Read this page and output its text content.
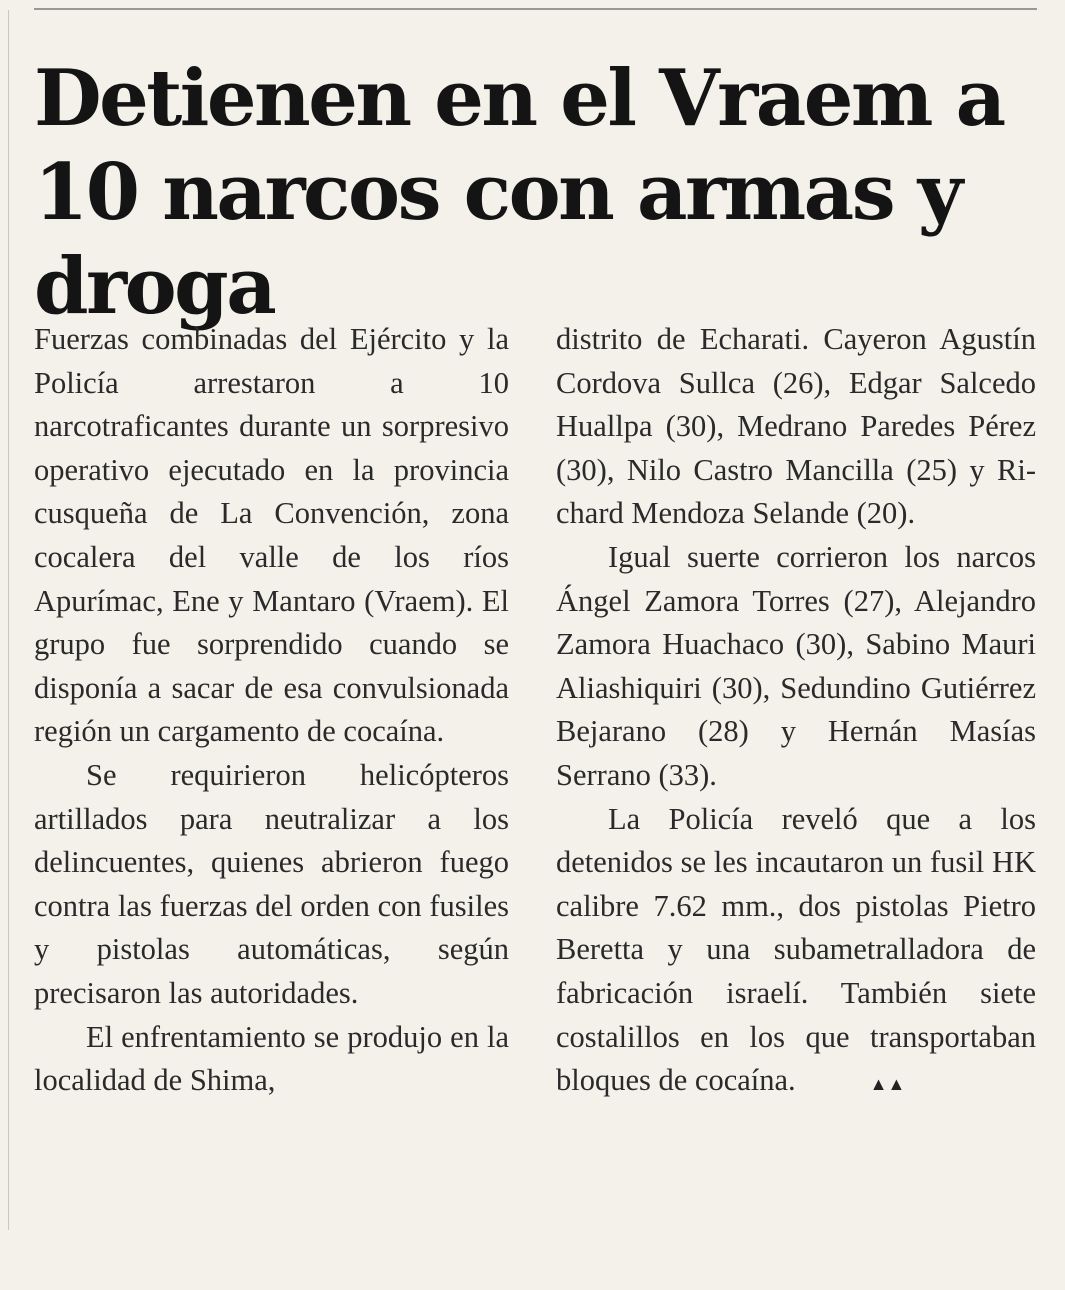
Detienen en el Vraem a 10 narcos con armas y droga

Fuerzas combinadas del Ejército y la Policía arrestaron a 10 narcotraficantes durante un sorpresivo operativo ejecutado en la provincia cusqueña de La Convención, zona cocalera del valle de los ríos Apurímac, Ene y Mantaro (Vraem). El grupo fue sorprendido cuando se disponía a sacar de esa convulsionada región un cargamento de cocaína.

Se requirieron helicópteros artillados para neutralizar a los delincuentes, quienes abrieron fuego contra las fuerzas del orden con fusiles y pistolas automáticas, según precisaron las autoridades.

El enfrentamiento se produjo en la localidad de Shima,

distrito de Echarati. Cayeron Agustín Cordova Sullca (26), Edgar Salcedo Huallpa (30), Medrano Paredes Pérez (30), Nilo Castro Mancilla (25) y Richard Mendoza Selande (20).

Igual suerte corrieron los narcos Ángel Zamora Torres (27), Alejandro Zamora Huachaco (30), Sabino Mauri Aliashiquiri (30), Sedundino Gutiérrez Bejarano (28) y Hernán Masías Serrano (33).

La Policía reveló que a los detenidos se les incautaron un fusil HK calibre 7.62 mm., dos pistolas Pietro Beretta y una subametralladora de fabricación israelí. También siete costalillos en los que transportaban bloques de cocaína.	▲▲
